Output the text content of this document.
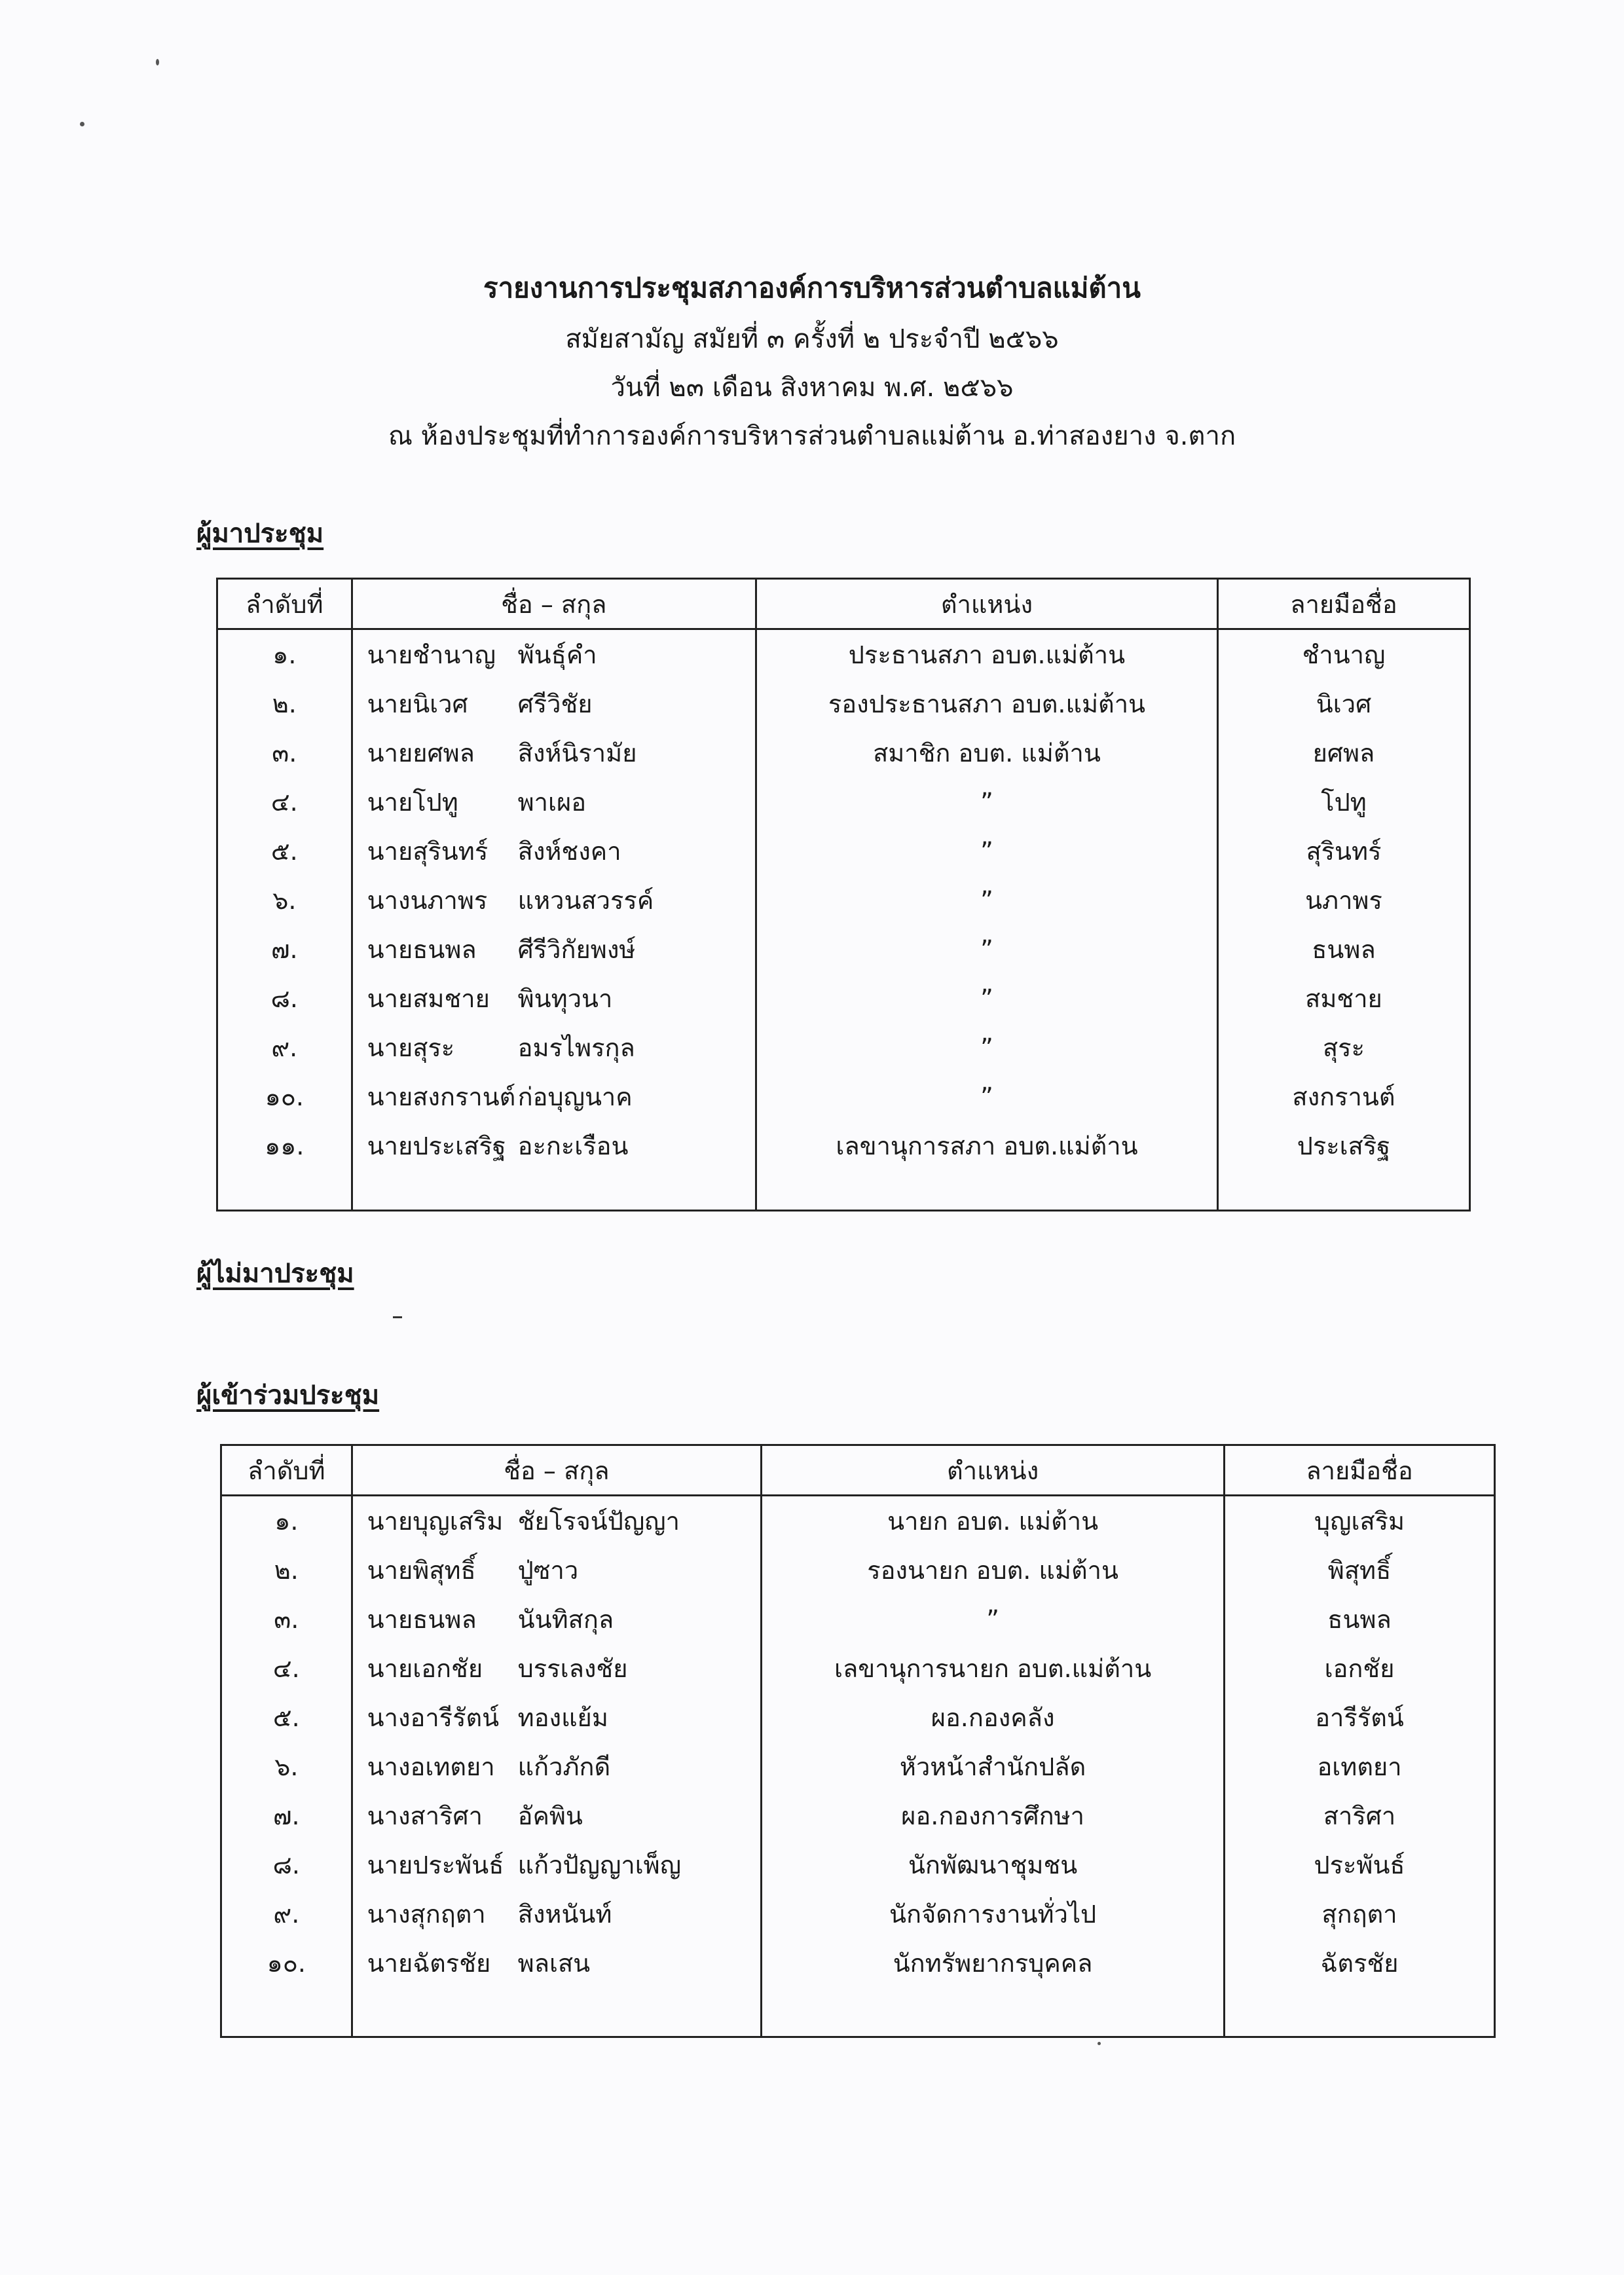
รายงานการประชุมสภาองค์การบริหารส่วนตำบลแม่ต้าน
สมัยสามัญ สมัยที่ ๓ ครั้งที่ ๒ ประจำปี ๒๕๖๖
วันที่ ๒๓ เดือน สิงหาคม พ.ศ. ๒๕๖๖
ณ ห้องประชุมที่ทำการองค์การบริหารส่วนตำบลแม่ต้าน อ.ท่าสองยาง จ.ตาก
ผู้มาประชุม
ลำดับที่	ชื่อ – สกุล	ตำแหน่ง	ลายมือชื่อ
๑.	นายชำนาญ พันธุ์คำ	ประธานสภา อบต.แม่ต้าน	ชำนาญ
๒.	นายนิเวศ ศรีวิชัย	รองประธานสภา อบต.แม่ต้าน	นิเวศ
๓.	นายยศพล สิงห์นิรามัย	สมาชิก อบต. แม่ต้าน	ยศพล
๔.	นายโปทู พาเผอ	”	โปทู
๕.	นายสุรินทร์ สิงห์ชงคา	”	สุรินทร์
๖.	นางนภาพร แหวนสวรรค์	”	นภาพร
๗.	นายธนพล ศีรีวิกัยพงษ์	”	ธนพล
๘.	นายสมชาย พินทุวนา	”	สมชาย
๙.	นายสุระ อมรไพรกุล	”	สุระ
๑๐.	นายสงกรานต์ก่อบุญนาค	”	สงกรานต์
๑๑.	นายประเสริฐ อะกะเรือน	เลขานุการสภา อบต.แม่ต้าน	ประเสริฐ

ผู้ไม่มาประชุม
ผู้เข้าร่วมประชุม
ลำดับที่	ชื่อ – สกุล	ตำแหน่ง	ลายมือชื่อ
๑.	นายบุญเสริม ชัยโรจน์ปัญญา	นายก อบต. แม่ต้าน	บุญเสริม
๒.	นายพิสุทธิ์ ปู่ซาว	รองนายก อบต. แม่ต้าน	พิสุทธิ์
๓.	นายธนพล นันทิสกุล	”	ธนพล
๔.	นายเอกชัย บรรเลงชัย	เลขานุการนายก อบต.แม่ต้าน	เอกชัย
๕.	นางอารีรัตน์ ทองแย้ม	ผอ.กองคลัง	อารีรัตน์
๖.	นางอเทตยา แก้วภักดี	หัวหน้าสำนักปลัด	อเทตยา
๗.	นางสาริศา อัคพิน	ผอ.กองการศึกษา	สาริศา
๘.	นายประพันธ์ แก้วปัญญาเพ็ญ	นักพัฒนาชุมชน	ประพันธ์
๙.	นางสุกฤตา สิงหนันท์	นักจัดการงานทั่วไป	สุกฤตา
๑๐.	นายฉัตรชัย พลเสน	นักทรัพยากรบุคคล	ฉัตรชัย
